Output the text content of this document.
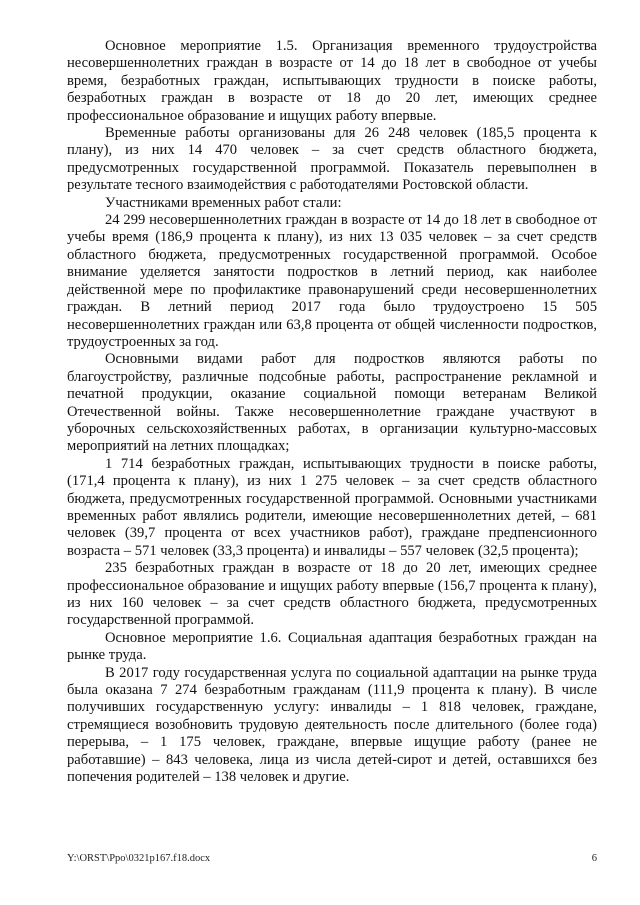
Основное мероприятие 1.5. Организация временного трудоустройства несовершеннолетних граждан в возрасте от 14 до 18 лет в свободное от учебы время, безработных граждан, испытывающих трудности в поиске работы, безработных граждан в возрасте от 18 до 20 лет, имеющих среднее профессиональное образование и ищущих работу впервые.

Временные работы организованы для 26 248 человек (185,5 процента к плану), из них 14 470 человек – за счет средств областного бюджета, предусмотренных государственной программой. Показатель перевыполнен в результате тесного взаимодействия с работодателями Ростовской области.

Участниками временных работ стали:

24 299 несовершеннолетних граждан в возрасте от 14 до 18 лет в свободное от учебы время (186,9 процента к плану), из них 13 035 человек – за счет средств областного бюджета, предусмотренных государственной программой. Особое внимание уделяется занятости подростков в летний период, как наиболее действенной мере по профилактике правонарушений среди несовершеннолетних граждан. В летний период 2017 года было трудоустроено 15 505 несовершеннолетних граждан или 63,8 процента от общей численности подростков, трудоустроенных за год.

Основными видами работ для подростков являются работы по благоустройству, различные подсобные работы, распространение рекламной и печатной продукции, оказание социальной помощи ветеранам Великой Отечественной войны. Также несовершеннолетние граждане участвуют в уборочных сельскохозяйственных работах, в организации культурно-массовых мероприятий на летних площадках;

1 714 безработных граждан, испытывающих трудности в поиске работы, (171,4 процента к плану), из них 1 275 человек – за счет средств областного бюджета, предусмотренных государственной программой. Основными участниками временных работ являлись родители, имеющие несовершеннолетних детей, – 681 человек (39,7 процента от всех участников работ), граждане предпенсионного возраста – 571 человек (33,3 процента) и инвалиды – 557 человек (32,5 процента);

235 безработных граждан в возрасте от 18 до 20 лет, имеющих среднее профессиональное образование и ищущих работу впервые (156,7 процента к плану), из них 160 человек – за счет средств областного бюджета, предусмотренных государственной программой.

Основное мероприятие 1.6. Социальная адаптация безработных граждан на рынке труда.

В 2017 году государственная услуга по социальной адаптации на рынке труда была оказана 7 274 безработным гражданам (111,9 процента к плану). В числе получивших государственную услугу: инвалиды – 1 818 человек, граждане, стремящиеся возобновить трудовую деятельность после длительного (более года) перерыва, – 1 175 человек, граждане, впервые ищущие работу (ранее не работавшие) – 843 человека, лица из числа детей-сирот и детей, оставшихся без попечения родителей – 138 человек и другие.

Y:\ORST\Ppo\0321p167.f18.docx	6
